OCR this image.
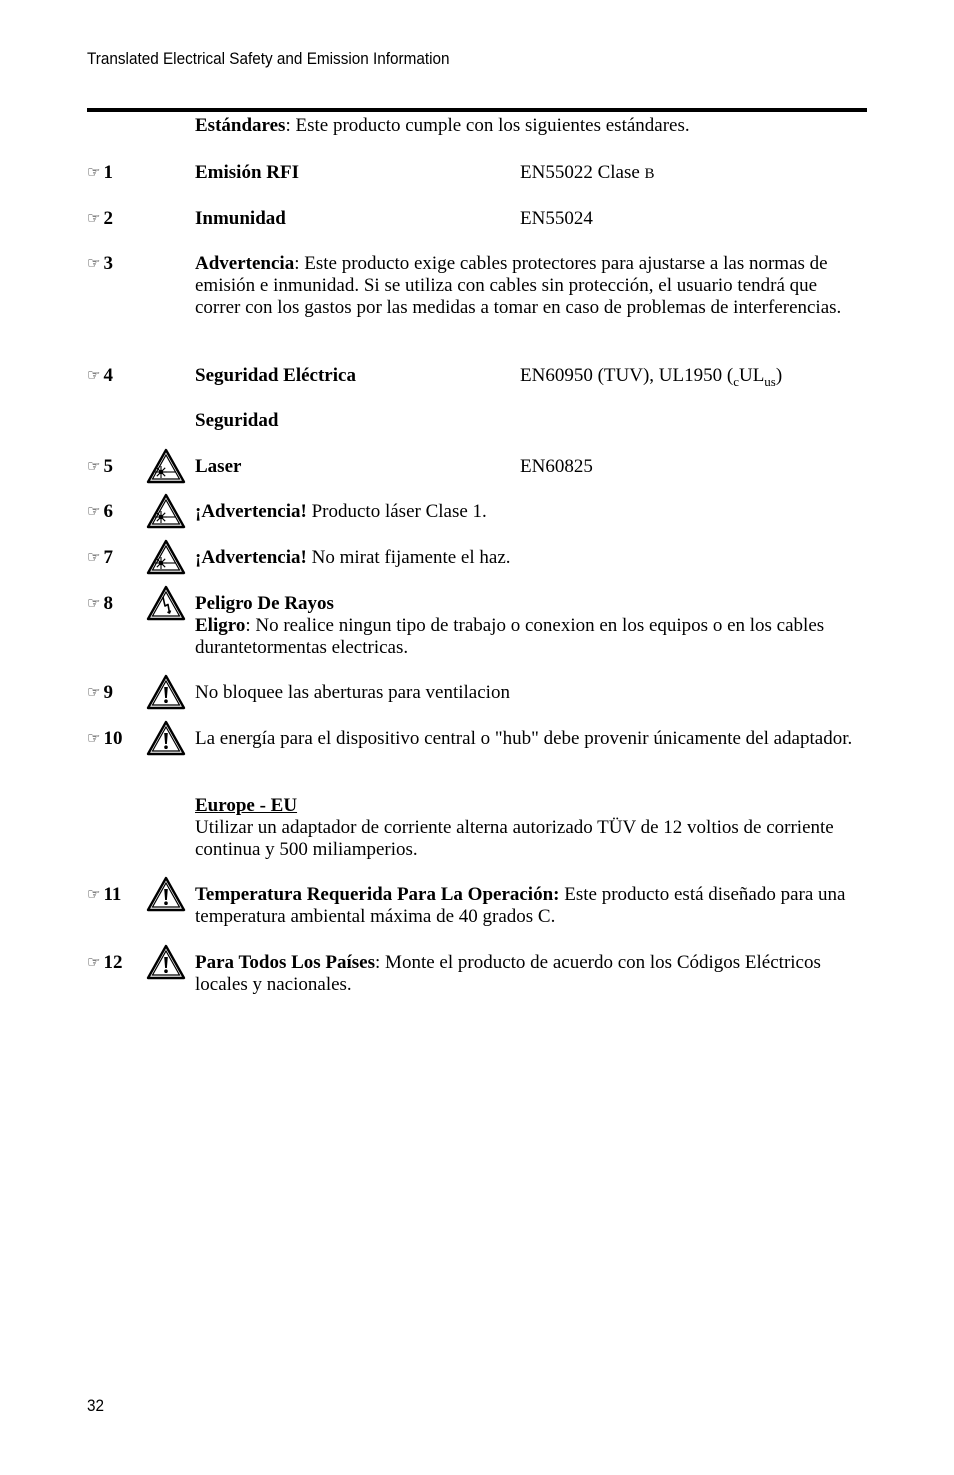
Translated Electrical Safety and Emission Information
Estándares: Este producto cumple con los siguientes estándares.
☞ 1	Emisión RFI	EN55022 Clase B
☞ 2	Inmunidad	EN55024
☞ 3	Advertencia: Este producto exige cables protectores para ajustarse a las normas de emisión e inmunidad. Si se utiliza con cables sin protección, el usuario tendrá que correr con los gastos por las medidas a tomar en caso de problemas de interferencias.
☞ 4	Seguridad Eléctrica	EN60950 (TUV), UL1950 $(_cUL_{us})$
Seguridad
☞ 5	Laser	EN60825
☞ 6	¡Advertencia! Producto láser Clase 1.
☞ 7	¡Advertencia! No mirat fijamente el haz.
☞ 8	Peligro De Rayos
Eligro: No realice ningun tipo de trabajo o conexion en los equipos o en los cables durantetormentas electricas.
☞ 9	No bloquee las aberturas para ventilacion
☞ 10	La energía para el dispositivo central o "hub" debe provenir únicamente del adaptador.
Europe - EU
Utilizar un adaptador de corriente alterna autorizado TÜV de 12 voltios de corriente continua y 500 miliamperios.
☞ 11	Temperatura Requerida Para La Operación: Este producto está diseñado para una temperatura ambiental máxima de 40 grados C.
☞ 12	Para Todos Los Países: Monte el producto de acuerdo con los Códigos Eléctricos locales y nacionales.
32
